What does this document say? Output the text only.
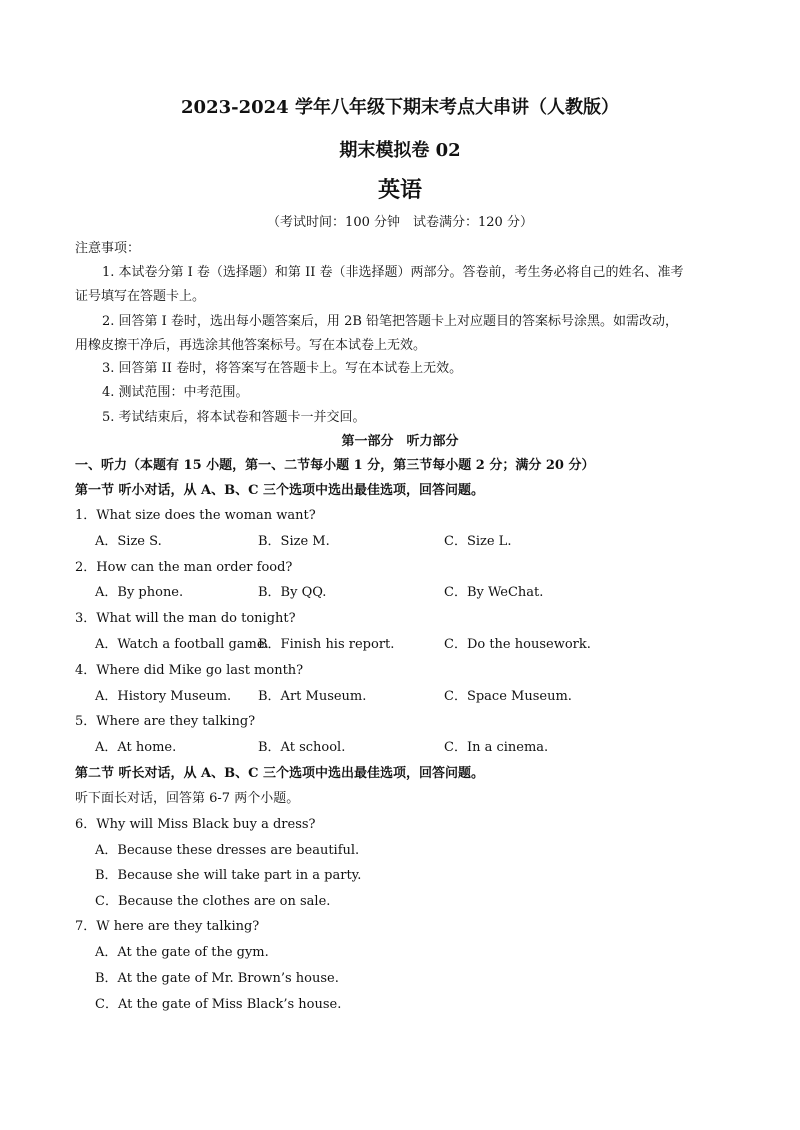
2023-2024 学年八年级下期末考点大串讲（人教版）
期末模拟卷 02
英语
（考试时间：100 分钟　试卷满分：120 分）
注意事项：
1. 本试卷分第 I 卷（选择题）和第 II 卷（非选择题）两部分。答卷前，考生务必将自己的姓名、准考
证号填写在答题卡上。
2. 回答第 I 卷时，选出每小题答案后，用 2B 铅笔把答题卡上对应题目的答案标号涂黑。如需改动，
用橡皮擦干净后，再选涂其他答案标号。写在本试卷上无效。
3. 回答第 II 卷时，将答案写在答题卡上。写在本试卷上无效。
4. 测试范围：中考范围。
5. 考试结束后，将本试卷和答题卡一并交回。
第一部分　听力部分
一、听力（本题有 15 小题，第一、二节每小题 1 分，第三节每小题 2 分；满分 20 分）
第一节 听小对话，从 A、B、C 三个选项中选出最佳选项，回答问题。
1．What size does the woman want?
A．Size S.	B．Size M.	C．Size L.
2．How can the man order food?
A．By phone.	B．By QQ.	C．By WeChat.
3．What will the man do tonight?
A．Watch a football game.
B．Finish his report.	C．Do the housework.
4．Where did Mike go last month?
A．History Museum. B．Art Museum.	C．Space Museum.
5．Where are they talking?
A．At home.	B．At school.	C．In a cinema.
第二节 听长对话，从 A、B、C 三个选项中选出最佳选项，回答问题。
听下面长对话，回答第 6-7 两个小题。
6．Why will Miss Black buy a dress?
A．Because these dresses are beautiful.
B．Because she will take part in a party.
C．Because the clothes are on sale.
7．W here are they talking?
A．At the gate of the gym.
B．At the gate of Mr. Brown’s house.
C．At the gate of Miss Black’s house.
